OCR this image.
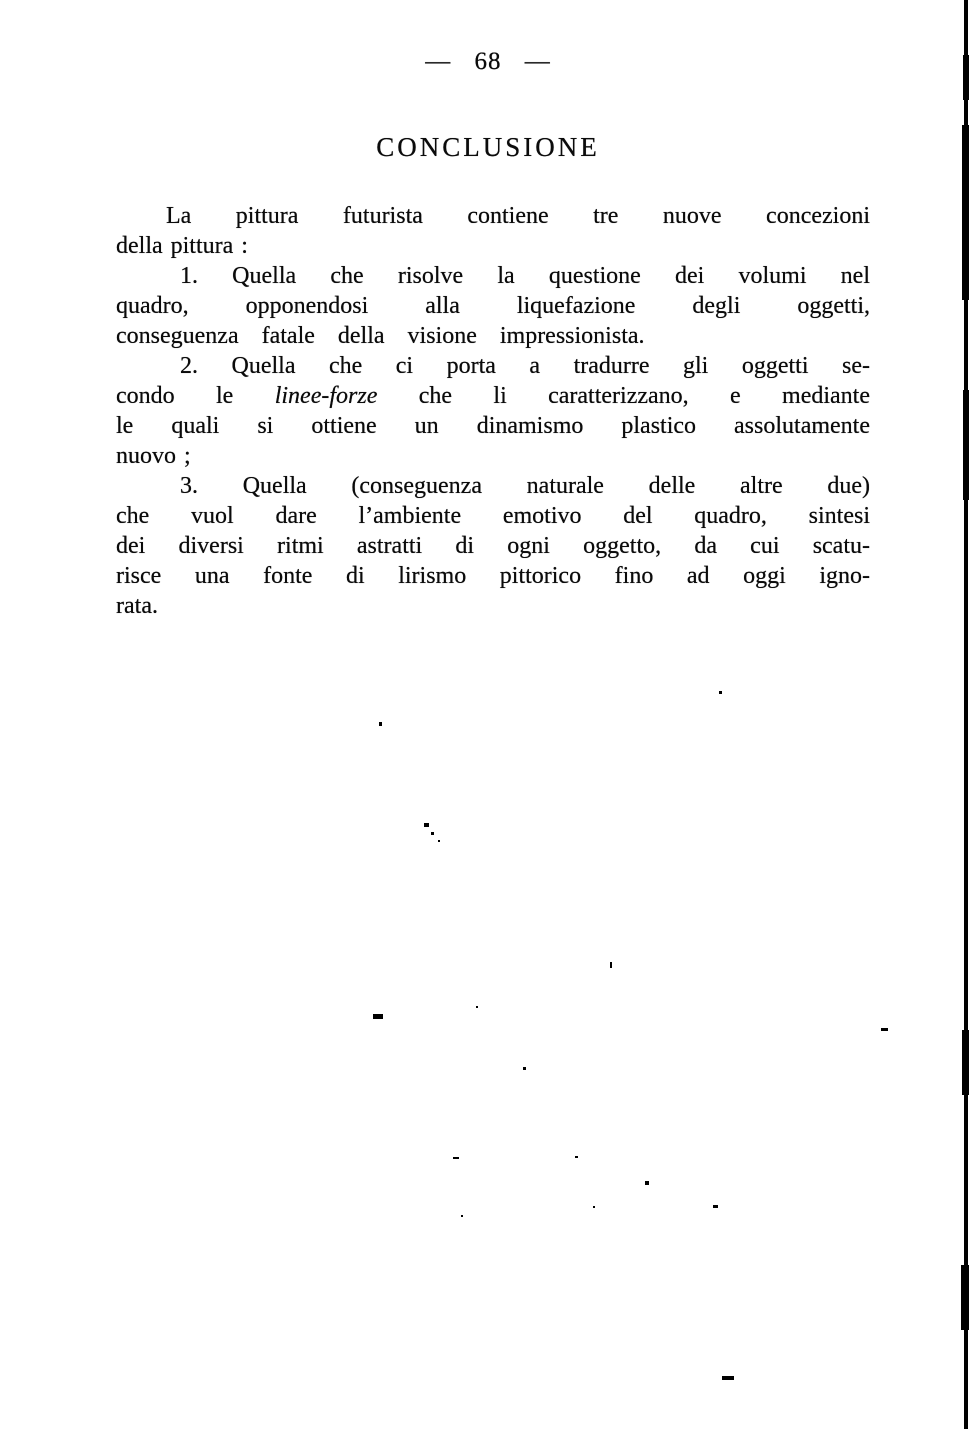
— 68 —
CONCLUSIONE
La pittura futurista contiene tre nuove concezioni
della pittura :
1. Quella che risolve la questione dei volumi nel
quadro, opponendosi alla liquefazione degli oggetti,
conseguenza fatale della visione impressionista.
2. Quella che ci porta a tradurre gli oggetti se-
condo le linee-forze che li caratterizzano, e mediante
le quali si ottiene un dinamismo plastico assolutamente
nuovo ;
3. Quella (conseguenza naturale delle altre due)
che vuol dare l’ambiente emotivo del quadro, sintesi
dei diversi ritmi astratti di ogni oggetto, da cui scatu-
risce una fonte di lirismo pittorico fino ad oggi igno-
rata.
